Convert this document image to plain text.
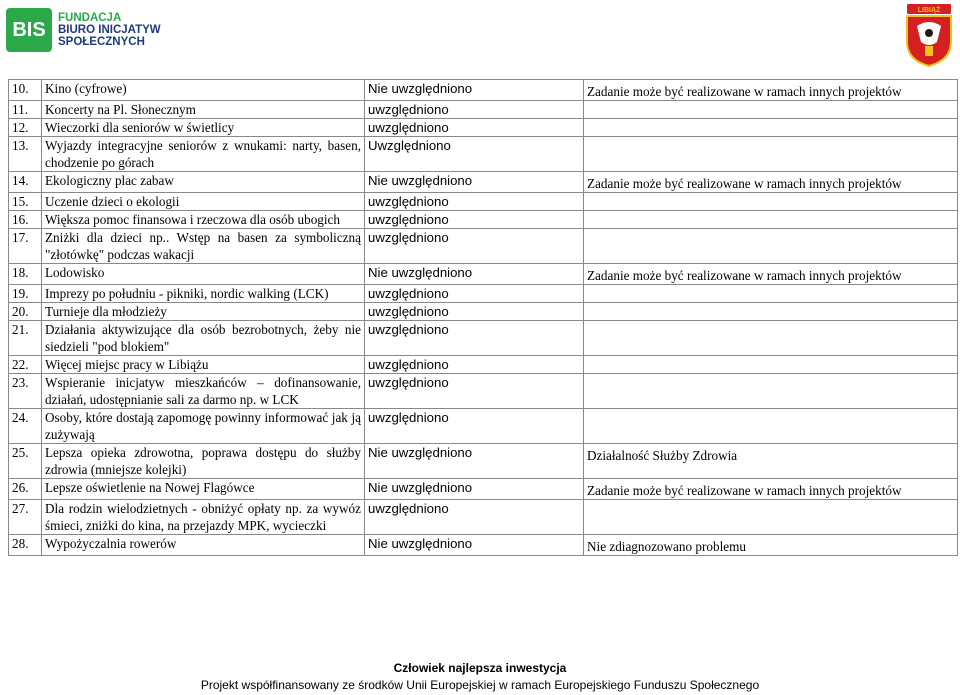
BIS
FUNDACJA
BIURO INICJATYW
SPOŁECZNYCH
LIBIĄŻ
10.	Kino (cyfrowe)	Nie uwzględniono	Zadanie może być realizowane w ramach innych projektów

11.	Koncerty na Pl. Słonecznym	uwzględniono	

12.	Wieczorki dla seniorów w świetlicy	uwzględniono	

13.	Wyjazdy integracyjne seniorów z wnukami: narty, basen, chodzenie po górach	Uwzględniono	

14.	Ekologiczny plac zabaw	Nie uwzględniono	Zadanie może być realizowane w ramach innych projektów

15.	Uczenie dzieci o ekologii	uwzględniono	

16.	Większa pomoc finansowa i rzeczowa dla osób ubogich	uwzględniono	

17.	Zniżki dla dzieci np.. Wstęp na basen za symboliczną "złotówkę" podczas wakacji	uwzględniono	

18.	Lodowisko	Nie uwzględniono	Zadanie może być realizowane w ramach innych projektów

19.	Imprezy po południu - pikniki, nordic walking (LCK)	uwzględniono	

20.	Turnieje dla młodzieży	uwzględniono	

21.	Działania aktywizujące dla osób bezrobotnych, żeby nie siedzieli "pod blokiem"	uwzględniono	

22.	Więcej miejsc pracy w Libiążu	uwzględniono	

23.	Wspieranie inicjatyw mieszkańców – dofinansowanie, działań, udostępnianie sali za darmo np. w LCK	uwzględniono	

24.	Osoby, które dostają zapomogę powinny informować jak ją zużywają	uwzględniono	

25.	Lepsza opieka zdrowotna, poprawa dostępu do służby zdrowia (mniejsze kolejki)	Nie uwzględniono	Działalność Służby Zdrowia

26.	Lepsze oświetlenie na Nowej Flagówce	Nie uwzględniono	Zadanie może być realizowane w ramach innych projektów

27.	Dla rodzin wielodzietnych - obniżyć opłaty np. za wywóz śmieci, zniżki do kina, na przejazdy MPK, wycieczki	uwzględniono	

28.	Wypożyczalnia rowerów	Nie uwzględniono	Nie zdiagnozowano problemu
Człowiek najlepsza inwestycja
Projekt współfinansowany ze środków Unii Europejskiej w ramach Europejskiego Funduszu Społecznego
